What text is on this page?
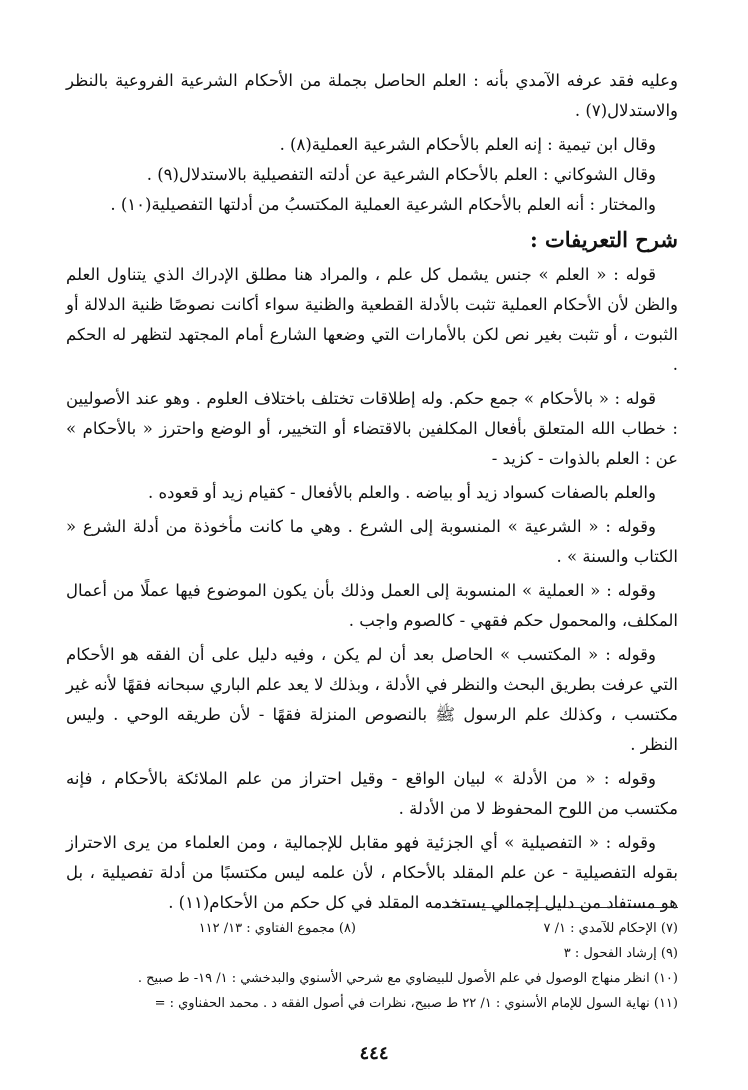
وعليه فقد عرفه الآمدي بأنه : العلم الحاصل بجملة من الأحكام الشرعية الفروعية بالنظر والاستدلال(٧) .

وقال ابن تيمية : إنه العلم بالأحكام الشرعية العملية(٨) .

وقال الشوكاني : العلم بالأحكام الشرعية عن أدلته التفصيلية بالاستدلال(٩) .

والمختار : أنه العلم بالأحكام الشرعية العملية المكتسبُ من أدلتها التفصيلية(١٠) .

شرح التعريفات :

قوله : « العلم » جنس يشمل كل علم ، والمراد هنا مطلق الإدراك الذي يتناول العلم والظن لأن الأحكام العملية تثبت بالأدلة القطعية والظنية سواء أكانت نصوصًا ظنية الدلالة أو الثبوت ، أو تثبت بغير نص لكن بالأمارات التي وضعها الشارع أمام المجتهد لتظهر له الحكم .

قوله : « بالأحكام » جمع حكم. وله إطلاقات تختلف باختلاف العلوم . وهو عند الأصوليين : خطاب الله المتعلق بأفعال المكلفين بالاقتضاء أو التخيير، أو الوضع واحترز « بالأحكام » عن : العلم بالذوات - كزيد -

والعلم بالصفات كسواد زيد أو بياضه . والعلم بالأفعال - كقيام زيد أو قعوده .

وقوله : « الشرعية » المنسوبة إلى الشرع . وهي ما كانت مأخوذة من أدلة الشرع « الكتاب والسنة » .

وقوله : « العملية » المنسوبة إلى العمل وذلك بأن يكون الموضوع فيها عملًا من أعمال المكلف، والمحمول حكم فقهي - كالصوم واجب .

وقوله : « المكتسب » الحاصل بعد أن لم يكن ، وفيه دليل على أن الفقه هو الأحكام التي عرفت بطريق البحث والنظر في الأدلة ، وبذلك لا يعد علم الباري سبحانه فقهًا لأنه غير مكتسب ، وكذلك علم الرسول ﷺ بالنصوص المنزلة فقهًا - لأن طريقه الوحي . وليس النظر .

وقوله : « من الأدلة » لبيان الواقع - وقيل احتراز من علم الملائكة بالأحكام ، فإنه مكتسب من اللوح المحفوظ لا من الأدلة .

وقوله : « التفصيلية » أي الجزئية فهو مقابل للإجمالية ، ومن العلماء من يرى الاحتراز بقوله التفصيلية - عن علم المقلد بالأحكام ، لأن علمه ليس مكتسبًا من أدلة تفصيلية ، بل هو مستفاد من دليل إجمالي يستخدمه المقلد في كل حكم من الأحكام(١١) .

(٧) الإحكام للآمدي : ١/ ٧
(٨) مجموع الفتاوي : ١٣/ ١١٢
(٩) إرشاد الفحول : ٣
(١٠) انظر منهاج الوصول في علم الأصول للبيضاوي مع شرحي الأسنوي والبدخشي : ١/ ١٩- ط صبيح .
(١١) نهاية السول للإمام الأسنوي : ١/ ٢٢ ط صبيح، نظرات في أصول الفقه د . محمد الحفناوي : =
٤٤٤
